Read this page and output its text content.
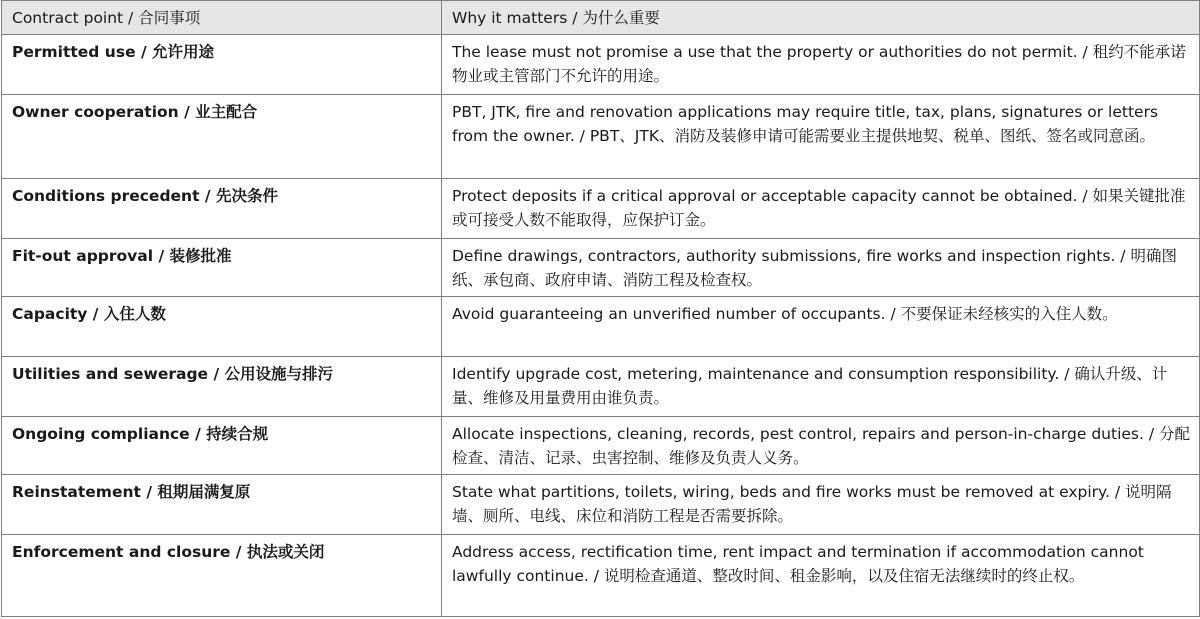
Contract point / 合同事项	Why it matters / 为什么重要
Permitted use / 允许用途	The lease must not promise a use that the property or authorities do not permit. / 租约不能承诺物业或主管部门不允许的用途。
Owner cooperation / 业主配合	PBT, JTK, fire and renovation applications may require title, tax, plans, signatures or letters from the owner. / PBT、JTK、消防及装修申请可能需要业主提供地契、税单、图纸、签名或同意函。
Conditions precedent / 先决条件	Protect deposits if a critical approval or acceptable capacity cannot be obtained. / 如果关键批准或可接受人数不能取得，应保护订金。
Fit-out approval / 装修批准	Define drawings, contractors, authority submissions, fire works and inspection rights. / 明确图纸、承包商、政府申请、消防工程及检查权。
Capacity / 入住人数	Avoid guaranteeing an unverified number of occupants. / 不要保证未经核实的入住人数。
Utilities and sewerage / 公用设施与排污	Identify upgrade cost, metering, maintenance and consumption responsibility. / 确认升级、计量、维修及用量费用由谁负责。
Ongoing compliance / 持续合规	Allocate inspections, cleaning, records, pest control, repairs and person-in-charge duties. / 分配检查、清洁、记录、虫害控制、维修及负责人义务。
Reinstatement / 租期届满复原	State what partitions, toilets, wiring, beds and fire works must be removed at expiry. / 说明隔墙、厕所、电线、床位和消防工程是否需要拆除。
Enforcement and closure / 执法或关闭	Address access, rectification time, rent impact and termination if accommodation cannot lawfully continue. / 说明检查通道、整改时间、租金影响，以及住宿无法继续时的终止权。
